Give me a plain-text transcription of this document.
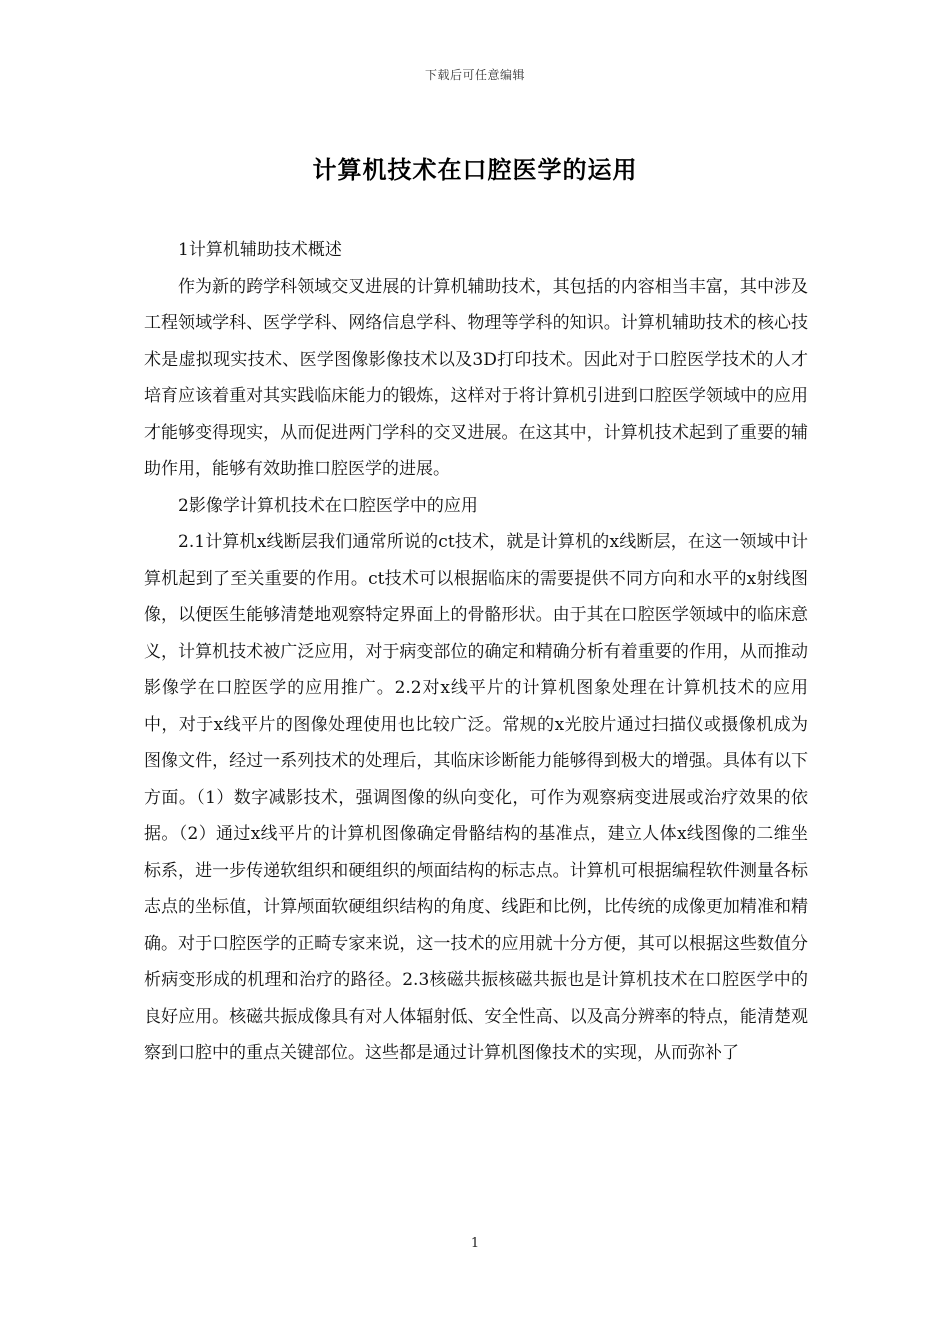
下载后可任意编辑
计算机技术在口腔医学的运用

1计算机辅助技术概述

作为新的跨学科领域交叉进展的计算机辅助技术，其包括的内容相当丰富，其中涉及工程领域学科、医学学科、网络信息学科、物理等学科的知识。计算机辅助技术的核心技术是虚拟现实技术、医学图像影像技术以及3D打印技术。因此对于口腔医学技术的人才培育应该着重对其实践临床能力的锻炼，这样对于将计算机引进到口腔医学领域中的应用才能够变得现实，从而促进两门学科的交叉进展。在这其中，计算机技术起到了重要的辅助作用，能够有效助推口腔医学的进展。

2影像学计算机技术在口腔医学中的应用

2.1计算机x线断层我们通常所说的ct技术，就是计算机的x线断层，在这一领域中计算机起到了至关重要的作用。ct技术可以根据临床的需要提供不同方向和水平的x射线图像，以便医生能够清楚地观察特定界面上的骨骼形状。由于其在口腔医学领域中的临床意义，计算机技术被广泛应用，对于病变部位的确定和精确分析有着重要的作用，从而推动影像学在口腔医学的应用推广。2.2对x线平片的计算机图象处理在计算机技术的应用中，对于x线平片的图像处理使用也比较广泛。常规的x光胶片通过扫描仪或摄像机成为图像文件，经过一系列技术的处理后，其临床诊断能力能够得到极大的增强。具体有以下方面。（1）数字减影技术，强调图像的纵向变化，可作为观察病变进展或治疗效果的依据。（2）通过x线平片的计算机图像确定骨骼结构的基准点，建立人体x线图像的二维坐标系，进一步传递软组织和硬组织的颅面结构的标志点。计算机可根据编程软件测量各标志点的坐标值，计算颅面软硬组织结构的角度、线距和比例，比传统的成像更加精准和精确。对于口腔医学的正畸专家来说，这一技术的应用就十分方便，其可以根据这些数值分析病变形成的机理和治疗的路径。2.3核磁共振核磁共振也是计算机技术在口腔医学中的良好应用。核磁共振成像具有对人体辐射低、安全性高、以及高分辨率的特点，能清楚观察到口腔中的重点关键部位。这些都是通过计算机图像技术的实现，从而弥补了

1
